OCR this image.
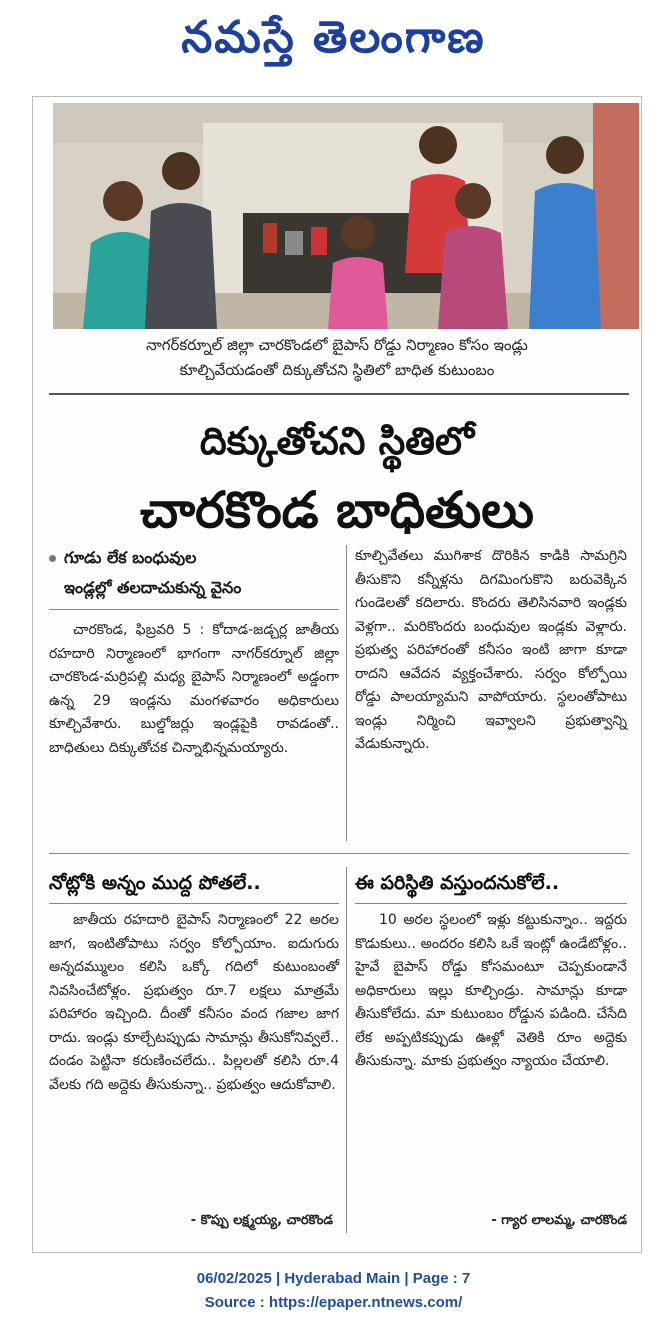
నమస్తే తెలంగాణ
నాగర్‌కర్నూల్ జిల్లా చారకొండలో బైపాస్ రోడ్డు నిర్మాణం కోసం ఇండ్లు
కూల్చివేయడంతో దిక్కుతోచని స్థితిలో బాధిత కుటుంబం
దిక్కుతోచని స్థితిలో
చారకొండ బాధితులు
గూడు లేక బంధువుల
ఇండ్లల్లో తలదాచుకున్న వైనం

చారకొండ, ఫిబ్రవరి 5 : కోదాడ-జడ్చర్ల జాతీయ రహదారి నిర్మాణంలో భాగంగా నాగర్‌కర్నూల్ జిల్లా చారకొండ-మర్రిపల్లి మధ్య బైపాస్ నిర్మాణంలో అడ్డంగా ఉన్న 29 ఇండ్లను మంగళవారం అధికారులు కూల్చివేశారు. బుల్డోజర్లు ఇండ్లపైకి రావడంతో.. బాధితులు దిక్కుతోచక చిన్నాభిన్నమయ్యారు.

కూల్చివేతలు ముగిశాక దొరికిన కాడికి సామగ్రిని తీసుకొని కన్నీళ్లను దిగమింగుకొని బరువెక్కిన గుండెలతో కదిలారు. కొందరు తెలిసినవారి ఇండ్లకు వెళ్లగా.. మరికొందరు బంధువుల ఇండ్లకు వెళ్లారు. ప్రభుత్వ పరిహారంతో కనీసం ఇంటి జాగా కూడా రాదని ఆవేదన వ్యక్తంచేశారు. సర్వం కోల్పోయి రోడ్డు పాలయ్యామని వాపోయారు. స్థలంతోపాటు ఇండ్లు నిర్మించి ఇవ్వాలని ప్రభుత్వాన్ని వేడుకున్నారు.

నోట్లోకి అన్నం ముద్ద పోతలే..

జాతీయ రహదారి బైపాస్ నిర్మాణంలో 22 అరల జాగ, ఇంటితోపాటు సర్వం కోల్పోయాం. ఐదుగురు అన్నదమ్ములం కలిసి ఒక్కో గదిలో కుటుంబంతో నివసించేటోళ్లం. ప్రభుత్వం రూ.7 లక్షలు మాత్రమే పరిహారం ఇచ్చింది. దీంతో కనీసం వంద గజాల జాగ రాదు. ఇండ్లు కూల్చేటప్పుడు సామాన్లు తీసుకోనివ్వలే.. దండం పెట్టినా కరుణించలేదు.. పిల్లలతో కలిసి రూ.4 వేలకు గది అద్దెకు తీసుకున్నా.. ప్రభుత్వం ఆదుకోవాలి.

- కొప్పు లక్ష్మయ్య, చారకొండ
ఈ పరిస్థితి వస్తుందనుకోలే..

10 అరల స్థలంలో ఇళ్లు కట్టుకున్నాం.. ఇద్దరు కొడుకులు.. అందరం కలిసి ఒకే ఇంట్లో ఉండేటోళ్లం.. హైవే బైపాస్ రోడ్డు కోసమంటూ చెప్పకుండానే అధికారులు ఇల్లు కూల్చిండ్రు. సామాన్లు కూడా తీసుకోలేదు. మా కుటుంబం రోడ్డున పడింది. చేసేది లేక అప్పటికప్పుడు ఊళ్లో వెతికి రూం అద్దెకు తీసుకున్నా. మాకు ప్రభుత్వం న్యాయం చేయాలి.

- గ్యార లాలమ్మ, చారకొండ
06/02/2025 | Hyderabad Main | Page : 7
Source : https://epaper.ntnews.com/
